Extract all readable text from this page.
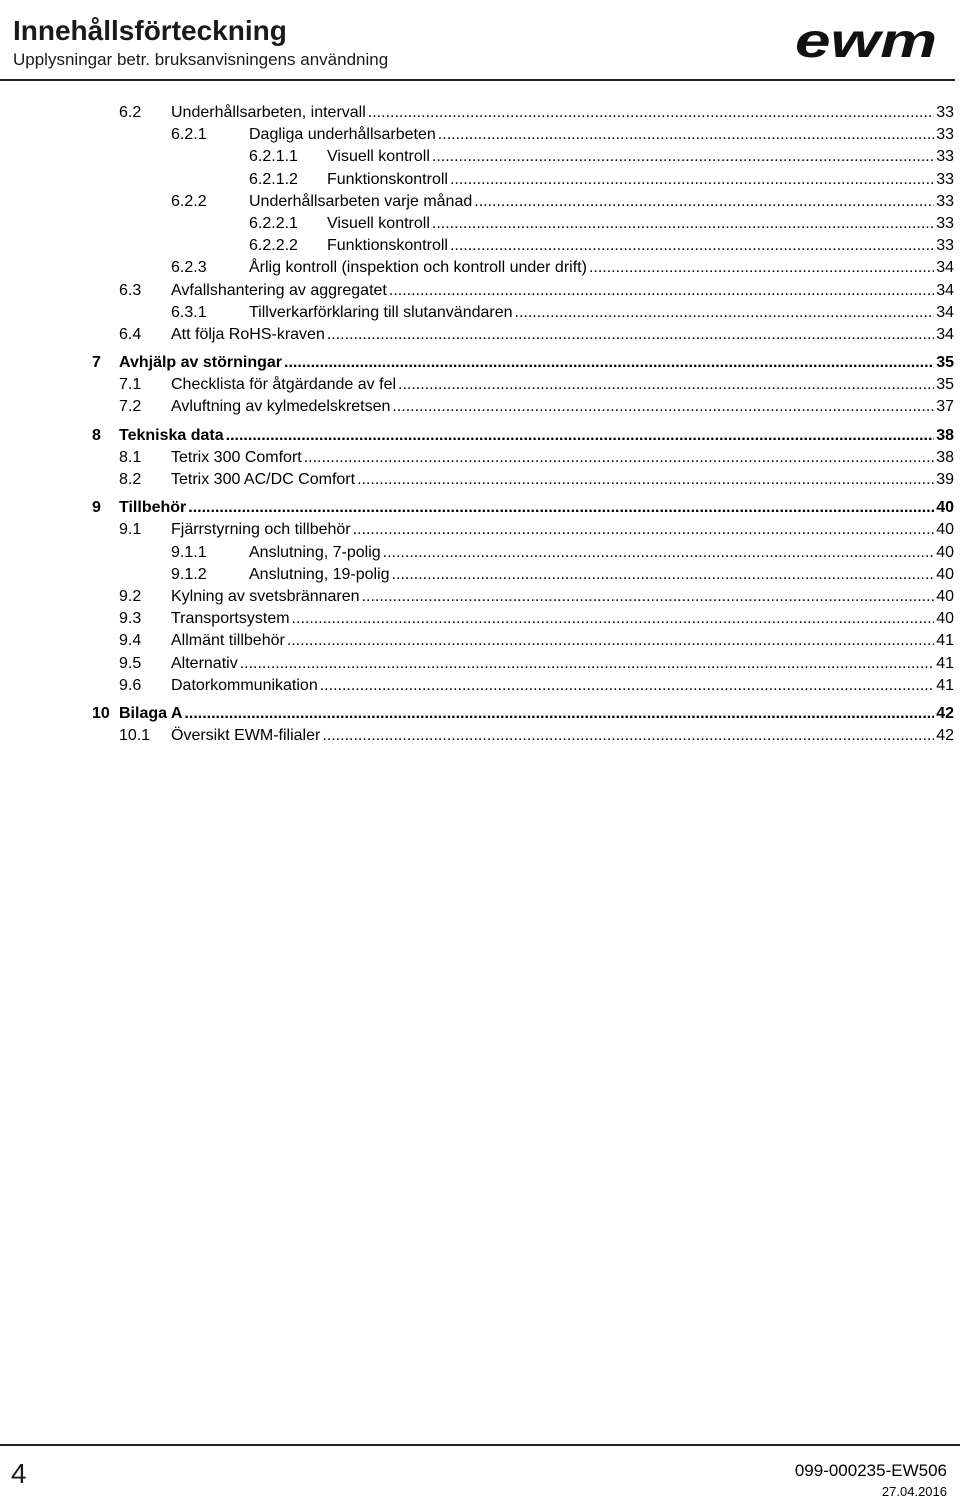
Innehållsförteckning
Upplysningar betr. bruksanvisningens användning	ewm
6.2 Underhållsarbeten, intervall .....	33
6.2.1	Dagliga underhållsarbeten .....	33
6.2.1.1 Visuell kontroll .....	33
6.2.1.2 Funktionskontroll .....	33
6.2.2	Underhållsarbeten varje månad .....	33
6.2.2.1 Visuell kontroll .....	33
6.2.2.2 Funktionskontroll .....	33
6.2.3	Årlig kontroll (inspektion och kontroll under drift) .....	34
6.3 Avfallshantering av aggregatet .....	34
6.3.1	Tillverkarförklaring till slutanvändaren .....	34
6.4 Att följa RoHS-kraven .....	34
7 Avhjälp av störningar .....	35
7.1 Checklista för åtgärdande av fel .....	35
7.2 Avluftning av kylmedelskretsen .....	37
8 Tekniska data .....	38
8.1 Tetrix 300 Comfort .....	38
8.2 Tetrix 300 AC/DC Comfort .....	39
9 Tillbehör .....	40
9.1 Fjärrstyrning och tillbehör .....	40
9.1.1	Anslutning, 7-polig .....	40
9.1.2	Anslutning, 19-polig .....	40
9.2 Kylning av svetsbrännaren .....	40
9.3 Transportsystem .....	40
9.4 Allmänt tillbehör .....	41
9.5 Alternativ .....	41
9.6 Datorkommunikation .....	41
10 Bilaga A .....	42
10.1 Översikt EWM-filialer .....	42
4	099-000235-EW506
27.04.2016
